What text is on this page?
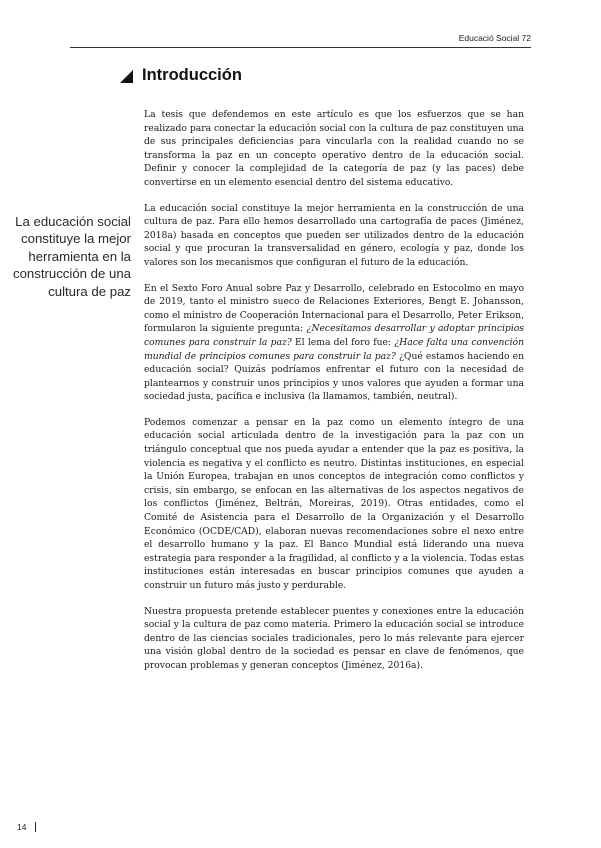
Educació Social 72
Introducción
La educación social constituye la mejor herramienta en la construcción de una cultura de paz

La tesis que defendemos en este artículo es que los esfuerzos que se han realizado para conectar la educación social con la cultura de paz constituyen una de sus principales deficiencias para vincularla con la realidad cuando no se transforma la paz en un concepto operativo dentro de la educación social. Definir y conocer la complejidad de la categoría de paz (y las paces) debe convertirse en un elemento esencial dentro del sistema educativo.

La educación social constituye la mejor herramienta en la construcción de una cultura de paz. Para ello hemos desarrollado una cartografía de paces (Jiménez, 2018a) basada en conceptos que pueden ser utilizados dentro de la educación social y que procuran la transversalidad en género, ecología y paz, donde los valores son los mecanismos que configuran el futuro de la educación.

En el Sexto Foro Anual sobre Paz y Desarrollo, celebrado en Estocolmo en mayo de 2019, tanto el ministro sueco de Relaciones Exteriores, Bengt E. Johansson, como el ministro de Cooperación Internacional para el Desarrollo, Peter Erikson, formularon la siguiente pregunta: ¿Necesitamos desarrollar y adoptar principios comunes para construir la paz? El lema del foro fue: ¿Hace falta una convención mundial de principios comunes para construir la paz? ¿Qué estamos haciendo en educación social? Quizás podríamos enfrentar el futuro con la necesidad de plantearnos y construir unos principios y unos valores que ayuden a formar una sociedad justa, pacífica e inclusiva (la llamamos, también, neutral).

Podemos comenzar a pensar en la paz como un elemento íntegro de una educación social articulada dentro de la investigación para la paz con un triángulo conceptual que nos pueda ayudar a entender que la paz es positiva, la violencia es negativa y el conflicto es neutro. Distintas instituciones, en especial la Unión Europea, trabajan en unos conceptos de integración como conflictos y crisis, sin embargo, se enfocan en las alternativas de los aspectos negativos de los conflictos (Jiménez, Beltrán, Moreiras, 2019). Otras entidades, como el Comité de Asistencia para el Desarrollo de la Organización y el Desarrollo Económico (OCDE/CAD), elaboran nuevas recomendaciones sobre el nexo entre el desarrollo humano y la paz. El Banco Mundial está liderando una nueva estrategia para responder a la fragilidad, al conflicto y a la violencia. Todas estas instituciones están interesadas en buscar principios comunes que ayuden a construir un futuro más justo y perdurable.

Nuestra propuesta pretende establecer puentes y conexiones entre la educación social y la cultura de paz como materia. Primero la educación social se introduce dentro de las ciencias sociales tradicionales, pero lo más relevante para ejercer una visión global dentro de la sociedad es pensar en clave de fenómenos, que provocan problemas y generan conceptos (Jiménez, 2016a).

14
